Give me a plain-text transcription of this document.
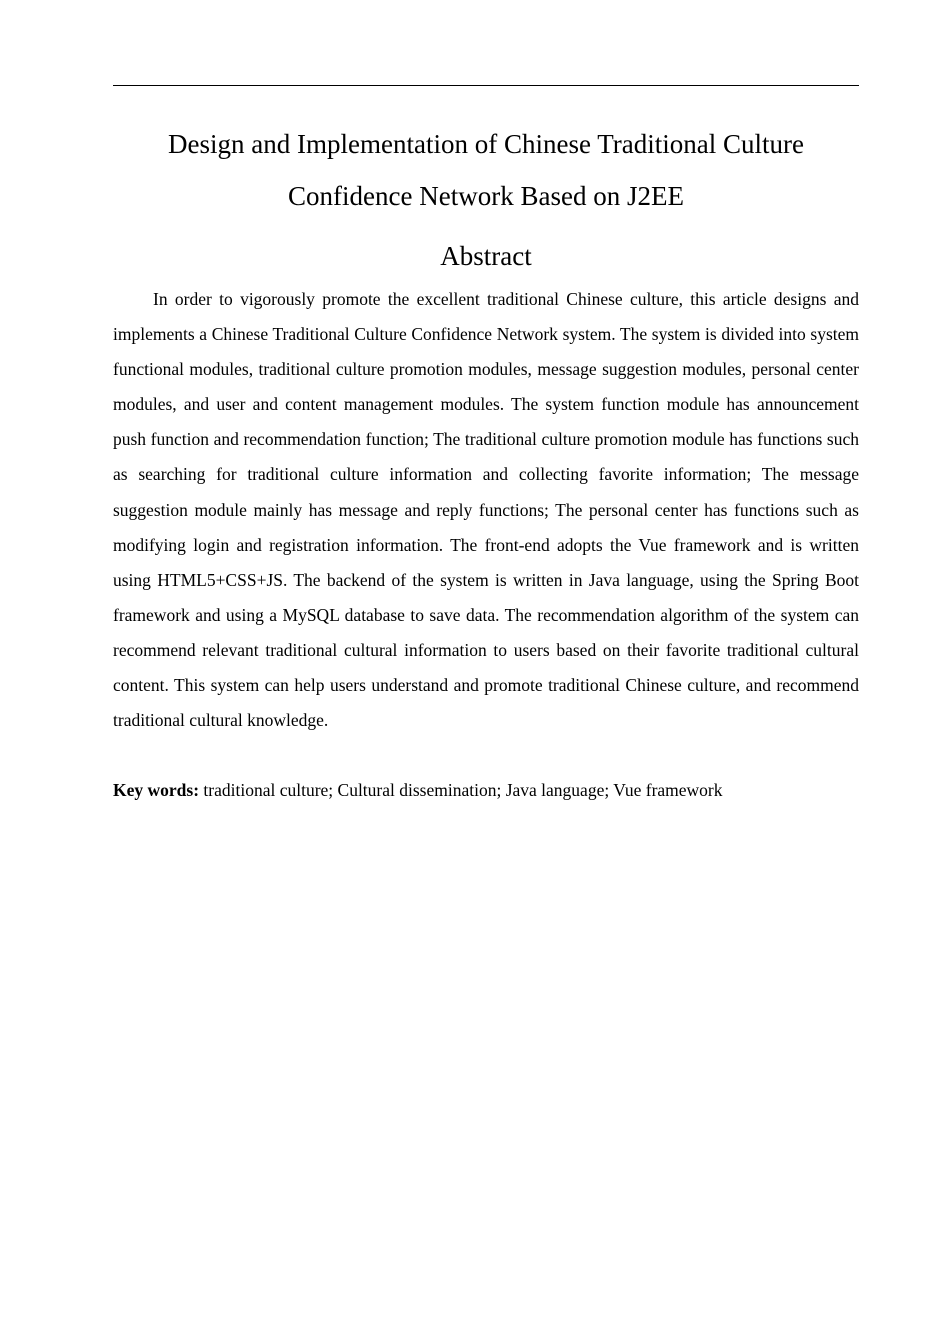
Design and Implementation of Chinese Traditional Culture
Confidence Network Based on J2EE
Abstract

In order to vigorously promote the excellent traditional Chinese culture, this article designs and implements a Chinese Traditional Culture Confidence Network system. The system is divided into system functional modules, traditional culture promotion modules, message suggestion modules, personal center modules, and user and content management modules. The system function module has announcement push function and recommendation function; The traditional culture promotion module has functions such as searching for traditional culture information and collecting favorite information; The message suggestion module mainly has message and reply functions; The personal center has functions such as modifying login and registration information. The front-end adopts the Vue framework and is written using HTML5+CSS+JS. The backend of the system is written in Java language, using the Spring Boot framework and using a MySQL database to save data. The recommendation algorithm of the system can recommend relevant traditional cultural information to users based on their favorite traditional cultural content. This system can help users understand and promote traditional Chinese culture, and recommend traditional cultural knowledge.

Key words: traditional culture; Cultural dissemination; Java language; Vue framework
